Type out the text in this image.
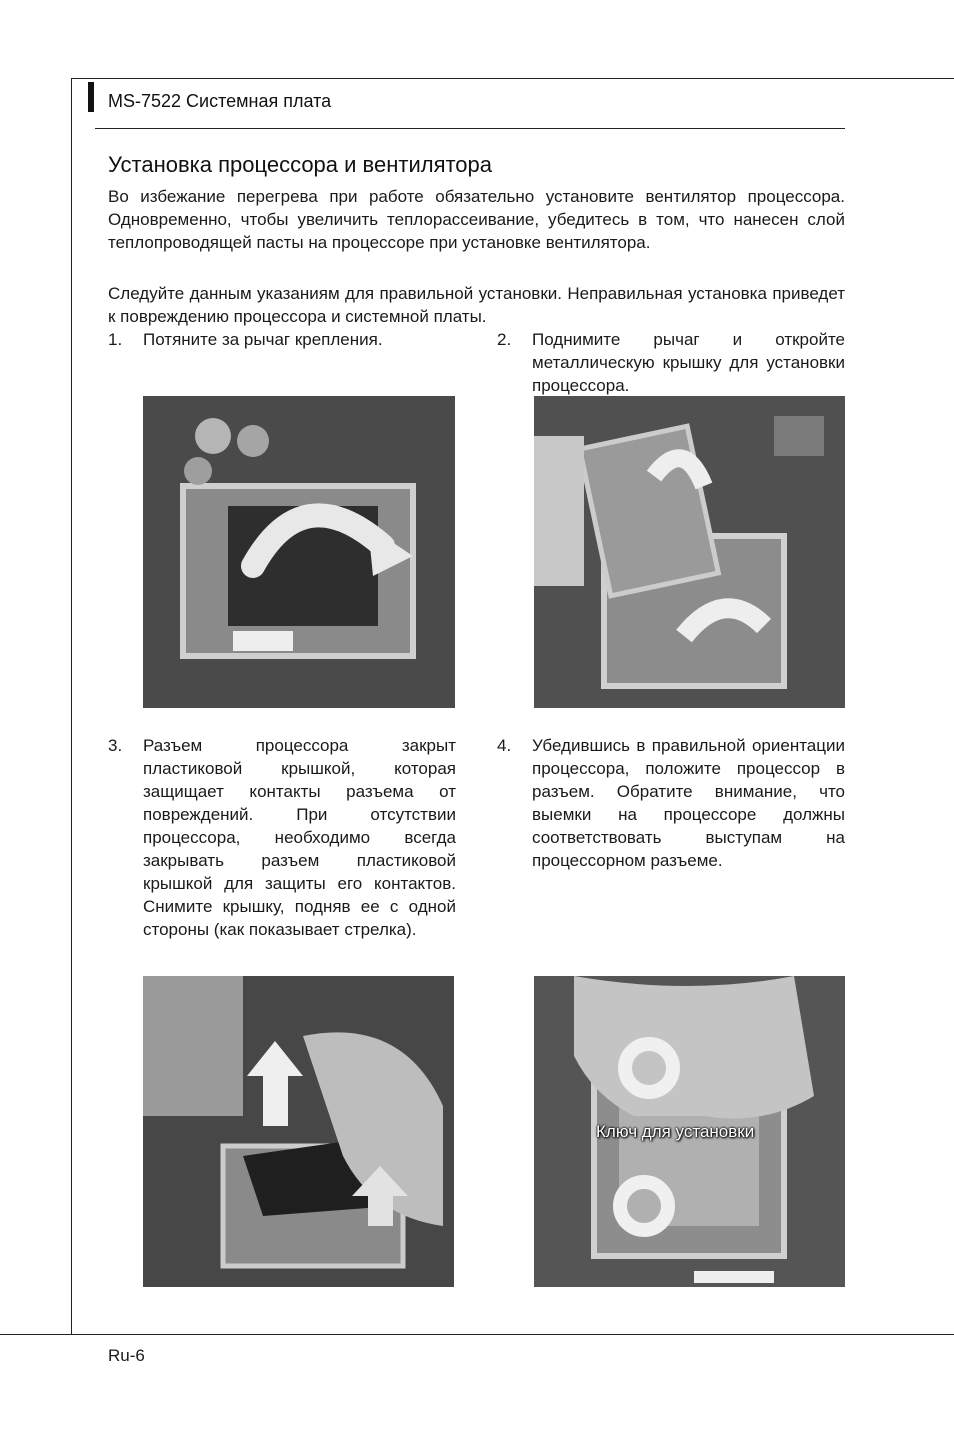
MS-7522 Системная плата
Установка процессора и вентилятора
Во избежание перегрева при работе обязательно установите вентилятор процессора. Одновременно, чтобы увеличить теплорассеивание, убедитесь в том, что нанесен слой теплопроводящей пасты на процессоре при установке вентилятора.
Следуйте данным указаниям для правильной установки. Неправильная установка приведет к повреждению процессора и системной платы.
1. Потяните за рычаг крепления.	2. Поднимите рычаг и откройте металлическую крышку для установки процессора.
3. Разъем процессора закрыт пластиковой крышкой, которая защищает контакты разъема от повреждений. При отсутствии процессора, необходимо всегда закрывать разъем пластиковой крышкой для защиты его контактов. Снимите крышку, подняв ее с одной стороны (как показывает стрелка).
4. Убедившись в правильной ориентации процессора, положите процессор в разъем. Обратите внимание, что выемки на процессоре должны соответствовать выступам на процессорном разъеме.
Ключ для установки
Ru-6
